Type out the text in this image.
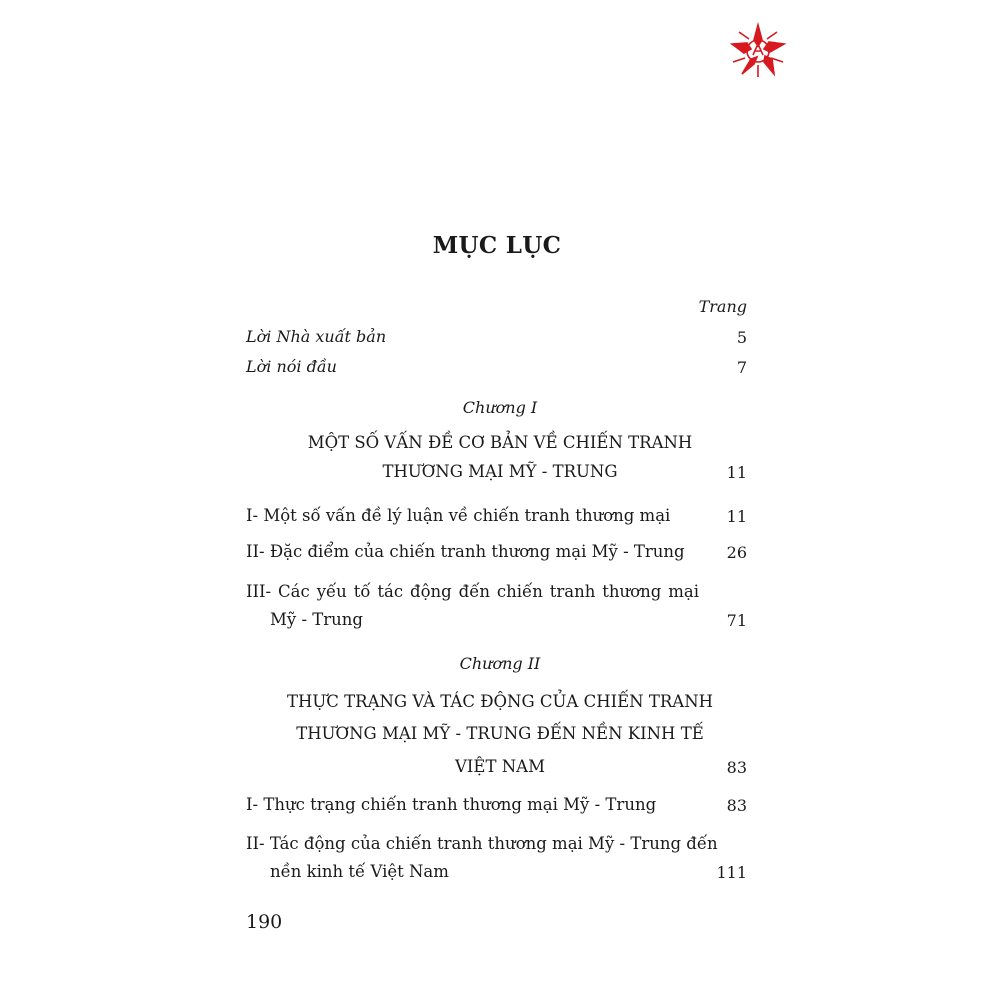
MỤC LỤC
Trang
Lời Nhà xuất bản	5
Lời nói đầu	7
Chương I
MỘT SỐ VẤN ĐỀ CƠ BẢN VỀ CHIẾN TRANH
THƯƠNG MẠI MỸ - TRUNG	11
I- Một số vấn đề lý luận về chiến tranh thương mại	11
II- Đặc điểm của chiến tranh thương mại Mỹ - Trung	26
III- Các yếu tố tác động đến chiến tranh thương mại
Mỹ - Trung	71
Chương II
THỰC TRẠNG VÀ TÁC ĐỘNG CỦA CHIẾN TRANH
THƯƠNG MẠI MỸ - TRUNG ĐẾN NỀN KINH TẾ
VIỆT NAM	83
I- Thực trạng chiến tranh thương mại Mỹ - Trung	83
II- Tác động của chiến tranh thương mại Mỹ - Trung đến
nền kinh tế Việt Nam	111
190
